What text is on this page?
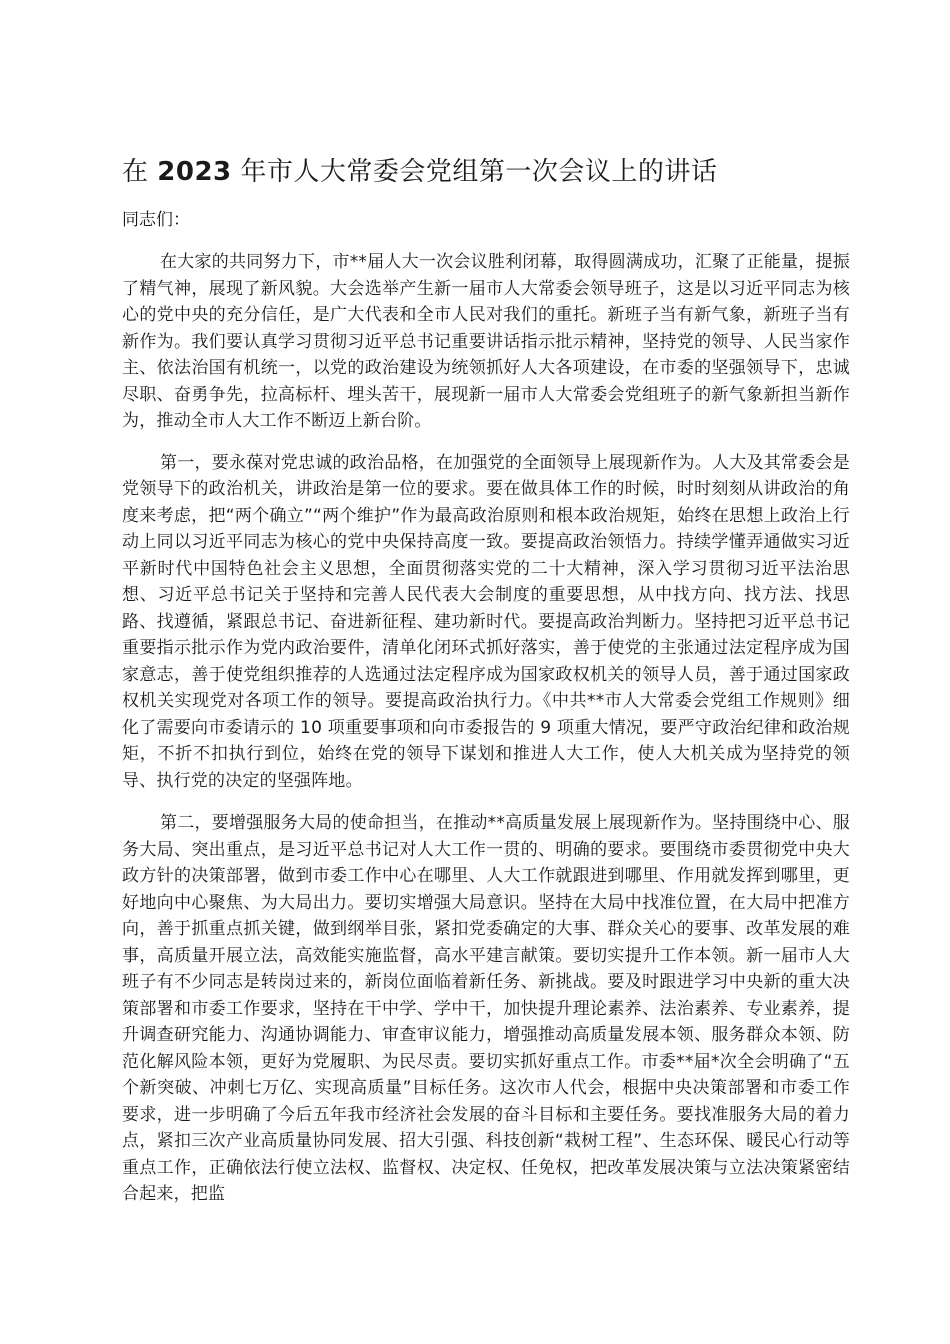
在 2023 年市人大常委会党组第一次会议上的讲话

同志们：

在大家的共同努力下，市**届人大一次会议胜利闭幕，取得圆满成功，汇聚了正能量，提振了精气神，展现了新风貌。大会选举产生新一届市人大常委会领导班子，这是以习近平同志为核心的党中央的充分信任，是广大代表和全市人民对我们的重托。新班子当有新气象，新班子当有新作为。我们要认真学习贯彻习近平总书记重要讲话指示批示精神，坚持党的领导、人民当家作主、依法治国有机统一，以党的政治建设为统领抓好人大各项建设，在市委的坚强领导下，忠诚尽职、奋勇争先，拉高标杆、埋头苦干，展现新一届市人大常委会党组班子的新气象新担当新作为，推动全市人大工作不断迈上新台阶。

第一，要永葆对党忠诚的政治品格，在加强党的全面领导上展现新作为。人大及其常委会是党领导下的政治机关，讲政治是第一位的要求。要在做具体工作的时候，时时刻刻从讲政治的角度来考虑，把“两个确立”“两个维护”作为最高政治原则和根本政治规矩，始终在思想上政治上行动上同以习近平同志为核心的党中央保持高度一致。要提高政治领悟力。持续学懂弄通做实习近平新时代中国特色社会主义思想，全面贯彻落实党的二十大精神，深入学习贯彻习近平法治思想、习近平总书记关于坚持和完善人民代表大会制度的重要思想，从中找方向、找方法、找思路、找遵循，紧跟总书记、奋进新征程、建功新时代。要提高政治判断力。坚持把习近平总书记重要指示批示作为党内政治要件，清单化闭环式抓好落实，善于使党的主张通过法定程序成为国家意志，善于使党组织推荐的人选通过法定程序成为国家政权机关的领导人员，善于通过国家政权机关实现党对各项工作的领导。要提高政治执行力。《中共**市人大常委会党组工作规则》细化了需要向市委请示的 10 项重要事项和向市委报告的 9 项重大情况，要严守政治纪律和政治规矩，不折不扣执行到位，始终在党的领导下谋划和推进人大工作，使人大机关成为坚持党的领导、执行党的决定的坚强阵地。

第二，要增强服务大局的使命担当，在推动**高质量发展上展现新作为。坚持围绕中心、服务大局、突出重点，是习近平总书记对人大工作一贯的、明确的要求。要围绕市委贯彻党中央大政方针的决策部署，做到市委工作中心在哪里、人大工作就跟进到哪里、作用就发挥到哪里，更好地向中心聚焦、为大局出力。要切实增强大局意识。坚持在大局中找准位置，在大局中把准方向，善于抓重点抓关键，做到纲举目张，紧扣党委确定的大事、群众关心的要事、改革发展的难事，高质量开展立法，高效能实施监督，高水平建言献策。要切实提升工作本领。新一届市人大班子有不少同志是转岗过来的，新岗位面临着新任务、新挑战。要及时跟进学习中央新的重大决策部署和市委工作要求，坚持在干中学、学中干，加快提升理论素养、法治素养、专业素养，提升调查研究能力、沟通协调能力、审查审议能力，增强推动高质量发展本领、服务群众本领、防范化解风险本领，更好为党履职、为民尽责。要切实抓好重点工作。市委**届*次全会明确了“五个新突破、冲刺七万亿、实现高质量”目标任务。这次市人代会，根据中央决策部署和市委工作要求，进一步明确了今后五年我市经济社会发展的奋斗目标和主要任务。要找准服务大局的着力点，紧扣三次产业高质量协同发展、招大引强、科技创新“栽树工程”、生态环保、暖民心行动等重点工作，正确依法行使立法权、监督权、决定权、任免权，把改革发展决策与立法决策紧密结合起来，把监
